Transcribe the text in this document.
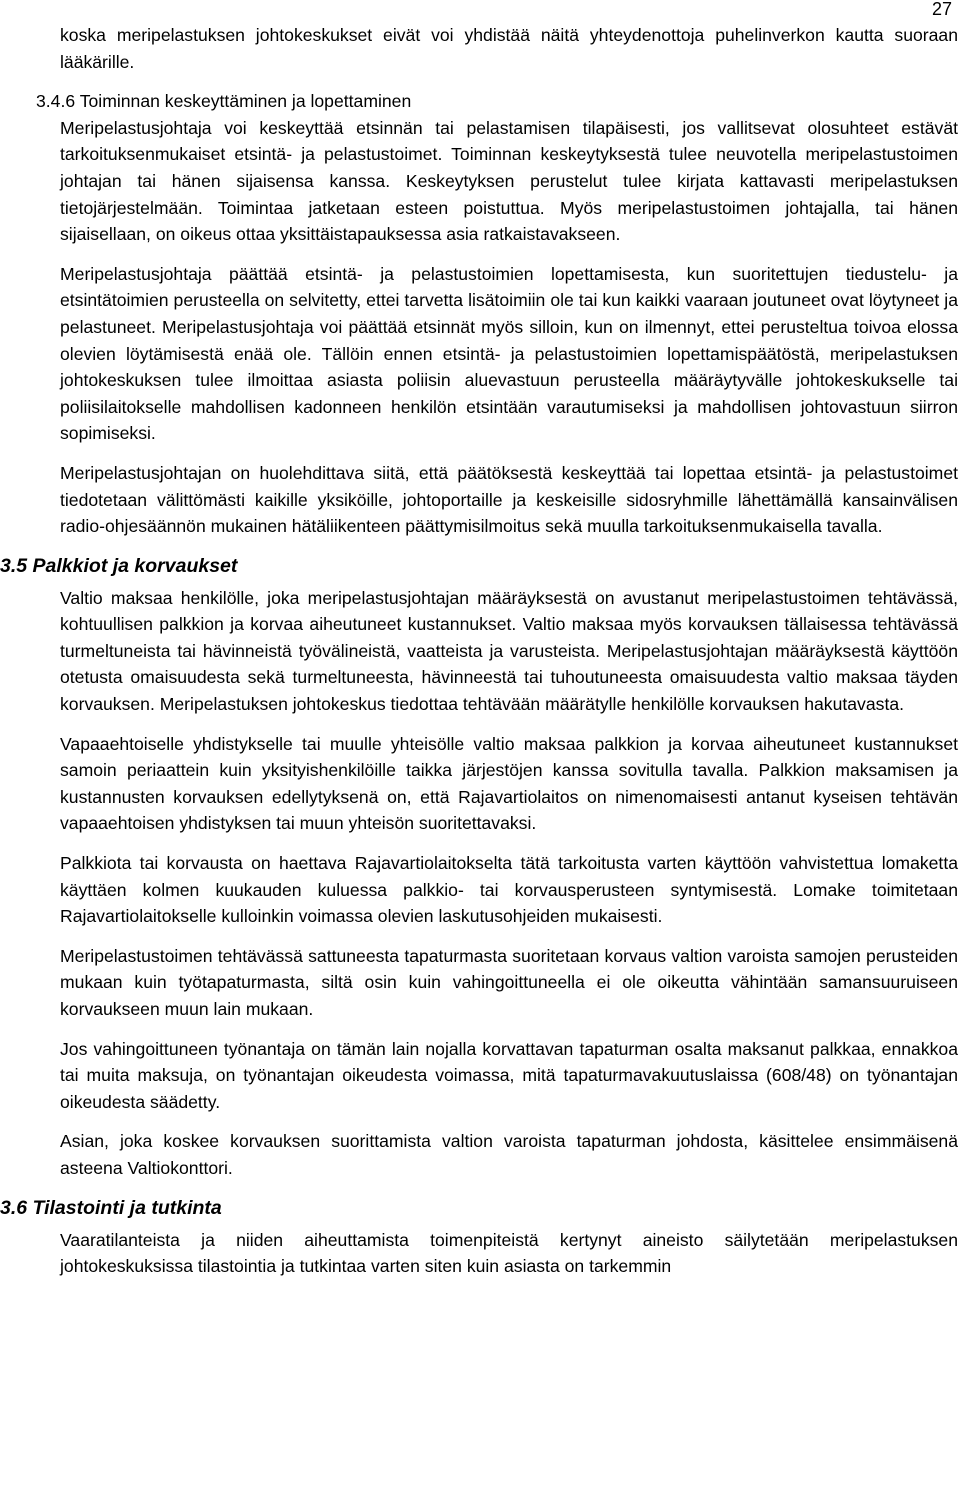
27

koska meripelastuksen johtokeskukset eivät voi yhdistää näitä yhteydenottoja puhelinverkon kautta suoraan lääkärille.

3.4.6 Toiminnan keskeyttäminen ja lopettaminen

Meripelastusjohtaja voi keskeyttää etsinnän tai pelastamisen tilapäisesti, jos vallitsevat olosuhteet estävät tarkoituksenmukaiset etsintä- ja pelastustoimet. Toiminnan keskeytyksestä tulee neuvotella meripelastustoimen johtajan tai hänen sijaisensa kanssa. Keskeytyksen perustelut tulee kirjata kattavasti meripelastuksen tietojärjestelmään. Toimintaa jatketaan esteen poistuttua. Myös meripelastustoimen johtajalla, tai hänen sijaisellaan, on oikeus ottaa yksittäistapauksessa asia ratkaistavakseen.

Meripelastusjohtaja päättää etsintä- ja pelastustoimien lopettamisesta, kun suoritettujen tiedustelu- ja etsintätoimien perusteella on selvitetty, ettei tarvetta lisätoimiin ole tai kun kaikki vaaraan joutuneet ovat löytyneet ja pelastuneet. Meripelastusjohtaja voi päättää etsinnät myös silloin, kun on ilmennyt, ettei perusteltua toivoa elossa olevien löytämisestä enää ole. Tällöin ennen etsintä- ja pelastustoimien lopettamispäätöstä, meripelastuksen johtokeskuksen tulee ilmoittaa asiasta poliisin aluevastuun perusteella määräytyvälle johtokeskukselle tai poliisilaitokselle mahdollisen kadonneen henkilön etsintään varautumiseksi ja mahdollisen johtovastuun siirron sopimiseksi.

Meripelastusjohtajan on huolehdittava siitä, että päätöksestä keskeyttää tai lopettaa etsintä- ja pelastustoimet tiedotetaan välittömästi kaikille yksiköille, johtoportaille ja keskeisille sidosryhmille lähettämällä kansainvälisen radio-ohjesäännön mukainen hätäliikenteen päättymisilmoitus sekä muulla tarkoituksenmukaisella tavalla.

3.5 Palkkiot ja korvaukset

Valtio maksaa henkilölle, joka meripelastusjohtajan määräyksestä on avustanut meripelastustoimen tehtävässä, kohtuullisen palkkion ja korvaa aiheutuneet kustannukset. Valtio maksaa myös korvauksen tällaisessa tehtävässä turmeltuneista tai hävinneistä työvälineistä, vaatteista ja varusteista. Meripelastusjohtajan määräyksestä käyttöön otetusta omaisuudesta sekä turmeltuneesta, hävinneestä tai tuhoutuneesta omaisuudesta valtio maksaa täyden korvauksen. Meripelastuksen johtokeskus tiedottaa tehtävään määrätylle henkilölle korvauksen hakutavasta.

Vapaaehtoiselle yhdistykselle tai muulle yhteisölle valtio maksaa palkkion ja korvaa aiheutuneet kustannukset samoin periaattein kuin yksityishenkilöille taikka järjestöjen kanssa sovitulla tavalla. Palkkion maksamisen ja kustannusten korvauksen edellytyksenä on, että Rajavartiolaitos on nimenomaisesti antanut kyseisen tehtävän vapaaehtoisen yhdistyksen tai muun yhteisön suoritettavaksi.

Palkkiota tai korvausta on haettava Rajavartiolaitokselta tätä tarkoitusta varten käyttöön vahvistettua lomaketta käyttäen kolmen kuukauden kuluessa palkkio- tai korvausperusteen syntymisestä. Lomake toimitetaan Rajavartiolaitokselle kulloinkin voimassa olevien laskutusohjeiden mukaisesti.

Meripelastustoimen tehtävässä sattuneesta tapaturmasta suoritetaan korvaus valtion varoista samojen perusteiden mukaan kuin työtapaturmasta, siltä osin kuin vahingoittuneella ei ole oikeutta vähintään samansuuruiseen korvaukseen muun lain mukaan.

Jos vahingoittuneen työnantaja on tämän lain nojalla korvattavan tapaturman osalta maksanut palkkaa, ennakkoa tai muita maksuja, on työnantajan oikeudesta voimassa, mitä tapaturmavakuutuslaissa (608/48) on työnantajan oikeudesta säädetty.

Asian, joka koskee korvauksen suorittamista valtion varoista tapaturman johdosta, käsittelee ensimmäisenä asteena Valtiokonttori.

3.6 Tilastointi ja tutkinta

Vaaratilanteista ja niiden aiheuttamista toimenpiteistä kertynyt aineisto säilytetään meripelastuksen johtokeskuksissa tilastointia ja tutkintaa varten siten kuin asiasta on tarkemmin
